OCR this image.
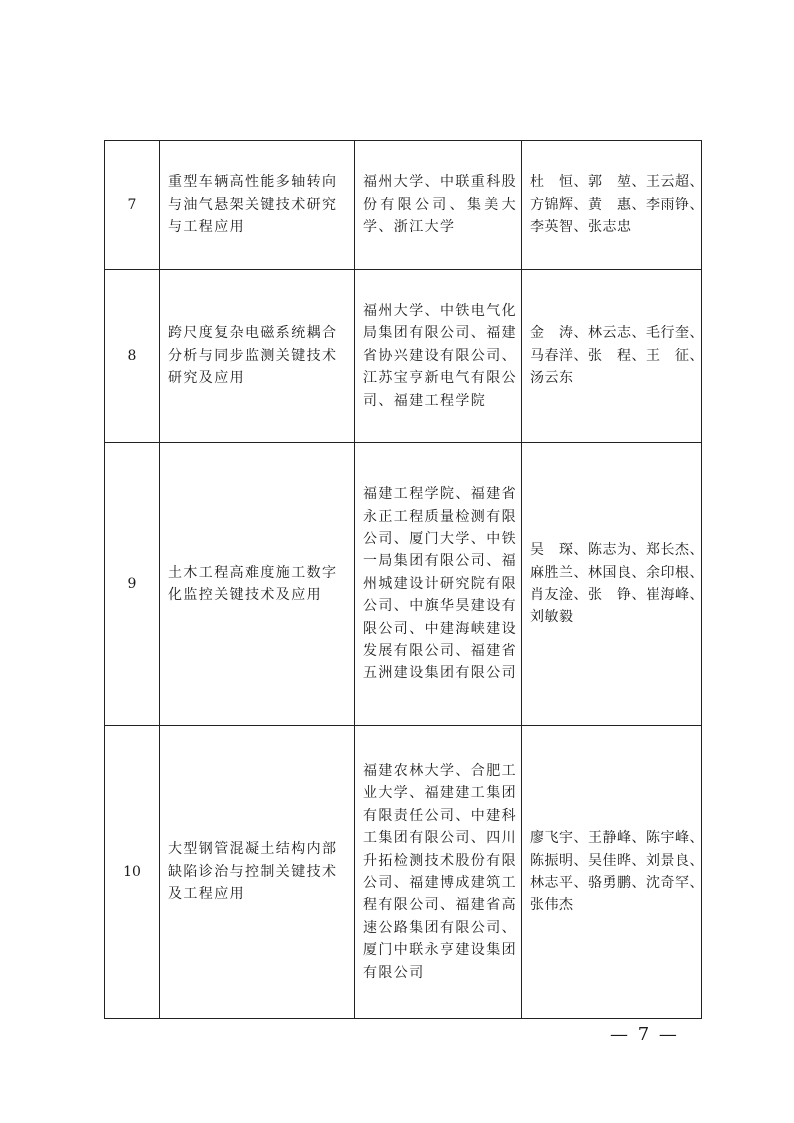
7	重型车辆高性能多轴转向与油气悬架关键技术研究与工程应用	福州大学、中联重科股份有限公司、集美大学、浙江大学	杜　恒、郭　堃、王云超、
方锦辉、黄　惠、李雨铮、
李英智、张志忠

8	跨尺度复杂电磁系统耦合分析与同步监测关键技术研究及应用	福州大学、中铁电气化局集团有限公司、福建省协兴建设有限公司、江苏宝亨新电气有限公司、福建工程学院	金　涛、林云志、毛行奎、
马春洋、张　程、王　征、
汤云东

9	土木工程高难度施工数字化监控关键技术及应用	福建工程学院、福建省永正工程质量检测有限公司、厦门大学、中铁一局集团有限公司、福州城建设计研究院有限公司、中旗华昊建设有限公司、中建海峡建设发展有限公司、福建省五洲建设集团有限公司	吴　琛、陈志为、郑长杰、
麻胜兰、林国良、余印根、
肖友淦、张　铮、崔海峰、
刘敏毅

10	大型钢管混凝土结构内部缺陷诊治与控制关键技术及工程应用	福建农林大学、合肥工业大学、福建建工集团有限责任公司、中建科工集团有限公司、四川升拓检测技术股份有限公司、福建博成建筑工程有限公司、福建省高速公路集团有限公司、厦门中联永亨建设集团有限公司	廖飞宇、王静峰、陈宇峰、
陈振明、吴佳晔、刘景良、
林志平、骆勇鹏、沈奇罕、
张伟杰
— 7 —
